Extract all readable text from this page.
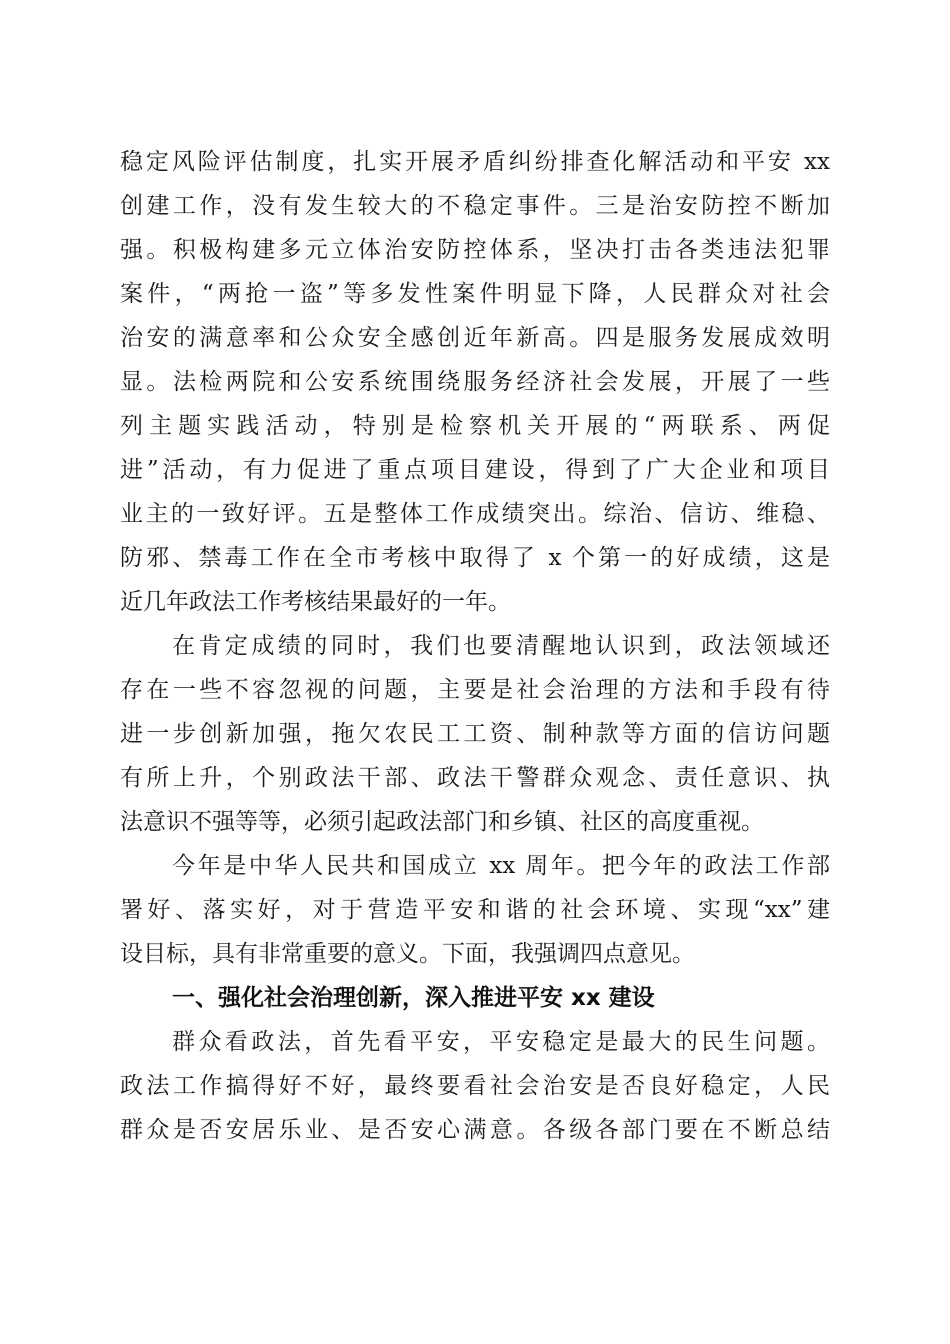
稳定风险评估制度，扎实开展矛盾纠纷排查化解活动和平安 xx
创建工作，没有发生较大的不稳定事件。三是治安防控不断加
强。积极构建多元立体治安防控体系，坚决打击各类违法犯罪
案件，“两抢一盗”等多发性案件明显下降，人民群众对社会
治安的满意率和公众安全感创近年新高。四是服务发展成效明
显。法检两院和公安系统围绕服务经济社会发展，开展了一些
列主题实践活动，特别是检察机关开展的“两联系、两促
进”活动，有力促进了重点项目建设，得到了广大企业和项目
业主的一致好评。五是整体工作成绩突出。综治、信访、维稳、
防邪、禁毒工作在全市考核中取得了 x 个第一的好成绩，这是
近几年政法工作考核结果最好的一年。
在肯定成绩的同时，我们也要清醒地认识到，政法领域还
存在一些不容忽视的问题，主要是社会治理的方法和手段有待
进一步创新加强，拖欠农民工工资、制种款等方面的信访问题
有所上升，个别政法干部、政法干警群众观念、责任意识、执
法意识不强等等，必须引起政法部门和乡镇、社区的高度重视。
今年是中华人民共和国成立 xx 周年。把今年的政法工作部
署好、落实好，对于营造平安和谐的社会环境、实现“xx”建
设目标，具有非常重要的意义。下面，我强调四点意见。
一、强化社会治理创新，深入推进平安 xx 建设
群众看政法，首先看平安，平安稳定是最大的民生问题。
政法工作搞得好不好，最终要看社会治安是否良好稳定，人民
群众是否安居乐业、是否安心满意。各级各部门要在不断总结
